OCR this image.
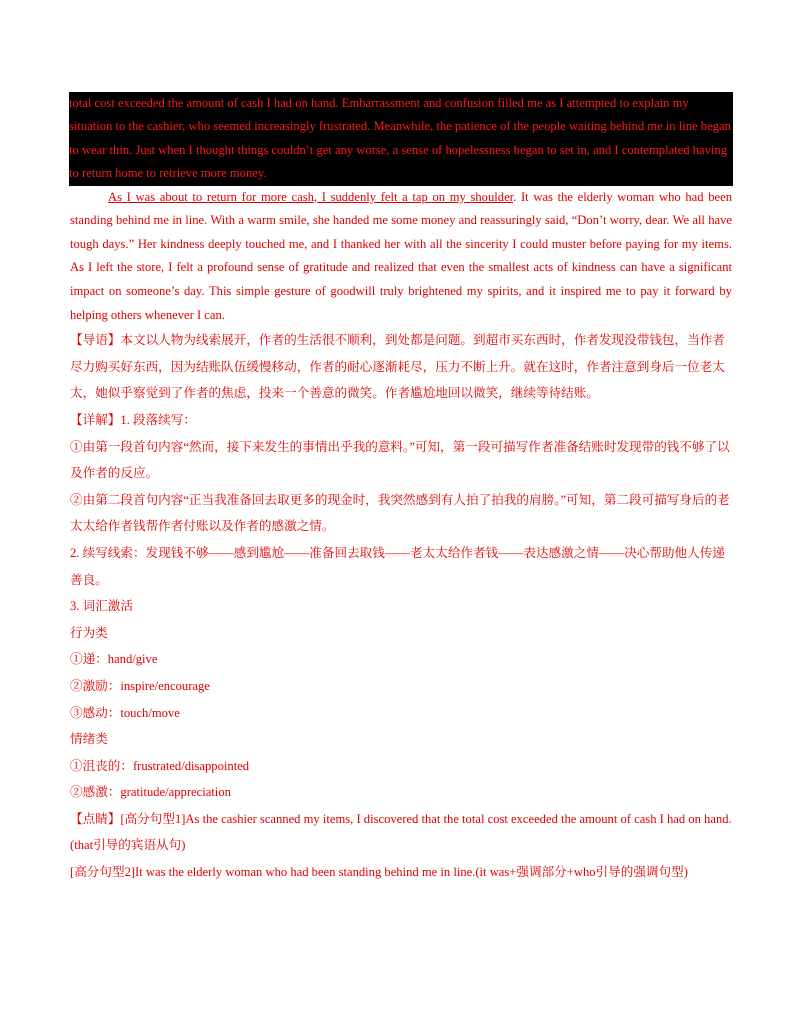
total cost exceeded the amount of cash I had on hand. Embarrassment and confusion filled me as I attempted to explain my situation to the cashier, who seemed increasingly frustrated. Meanwhile, the patience of the people waiting behind me in line began to wear thin. Just when I thought things couldn’t get any worse, a sense of hopelessness began to set in, and I contemplated having to return home to retrieve more money.

As I was about to return for more cash, I suddenly felt a tap on my shoulder. It was the elderly woman who had been standing behind me in line. With a warm smile, she handed me some money and reassuringly said, “Don’t worry, dear. We all have tough days.” Her kindness deeply touched me, and I thanked her with all the sincerity I could muster before paying for my items. As I left the store, I felt a profound sense of gratitude and realized that even the smallest acts of kindness can have a significant impact on someone’s day. This simple gesture of goodwill truly brightened my spirits, and it inspired me to pay it forward by helping others whenever I can.

【导语】本文以人物为线索展开，作者的生活很不顺利，到处都是问题。到超市买东西时，作者发现没带钱包，当作者尽力购买好东西，因为结账队伍缓慢移动，作者的耐心逐渐耗尽，压力不断上升。就在这时，作者注意到身后一位老太太，她似乎察觉到了作者的焦虑，投来一个善意的微笑。作者尴尬地回以微笑，继续等待结账。

【详解】1. 段落续写：

①由第一段首句内容“然而，接下来发生的事情出乎我的意料。”可知，第一段可描写作者准备结账时发现带的钱不够了以及作者的反应。

②由第二段首句内容“正当我准备回去取更多的现金时，我突然感到有人拍了拍我的肩膀。”可知，第二段可描写身后的老太太给作者钱帮作者付账以及作者的感激之情。

2. 续写线索：发现钱不够——感到尴尬——准备回去取钱——老太太给作者钱——表达感激之情——决心帮助他人传递善良。

3. 词汇激活

行为类

①递：hand/give

②激励：inspire/encourage

③感动：touch/move

情绪类

①沮丧的：frustrated/disappointed

②感激：gratitude/appreciation

【点睛】[高分句型1]As the cashier scanned my items, I discovered that the total cost exceeded the amount of cash I had on hand.(that引导的宾语从句)

[高分句型2]It was the elderly woman who had been standing behind me in line.(it was+强调部分+who引导的强调句型)
